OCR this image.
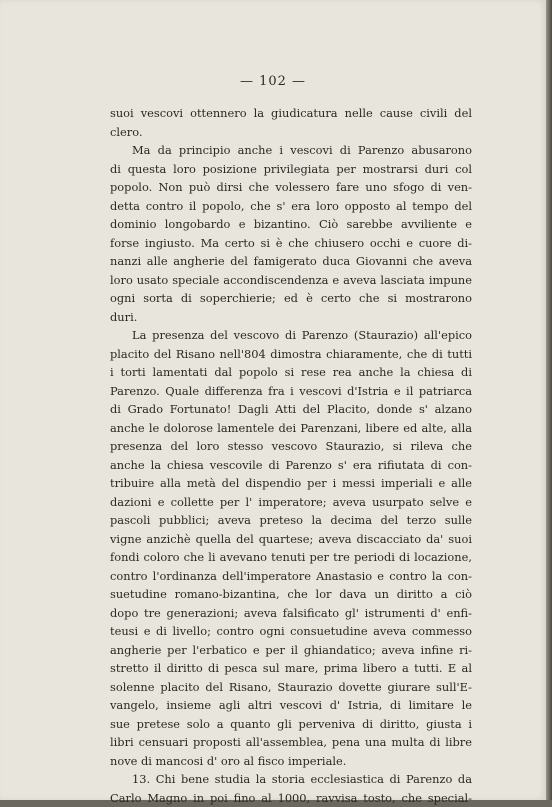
— 102 —
suoi vescovi ottennero la giudicatura nelle cause civili del
clero.
Ma da principio anche i vescovi di Parenzo abusarono
di questa loro posizione privilegiata per mostrarsi duri col
popolo. Non può dirsi che volessero fare uno sfogo di ven-
detta contro il popolo, che s' era loro opposto al tempo del
dominio longobardo e bizantino. Ciò sarebbe avviliente e
forse ingiusto. Ma certo si è che chiusero occhi e cuore di-
nanzi alle angherie del famigerato duca Giovanni che aveva
loro usato speciale accondiscendenza e aveva lasciata impune
ogni sorta di soperchierie; ed è certo che si mostrarono
duri.
La presenza del vescovo di Parenzo (Staurazio) all'epico
placito del Risano nell'804 dimostra chiaramente, che di tutti
i torti lamentati dal popolo si rese rea anche la chiesa di
Parenzo. Quale differenza fra i vescovi d'Istria e il patriarca
di Grado Fortunato! Dagli Atti del Placito, donde s' alzano
anche le dolorose lamentele dei Parenzani, libere ed alte, alla
presenza del loro stesso vescovo Staurazio, si rileva che
anche la chiesa vescovile di Parenzo s' era rifiutata di con-
tribuire alla metà del dispendio per i messi imperiali e alle
dazioni e collette per l' imperatore; aveva usurpato selve e
pascoli pubblici; aveva preteso la decima del terzo sulle
vigne anzichè quella del quartese; aveva discacciato da' suoi
fondi coloro che li avevano tenuti per tre periodi di locazione,
contro l'ordinanza dell'imperatore Anastasio e contro la con-
suetudine romano-bizantina, che lor dava un diritto a ciò
dopo tre generazioni; aveva falsificato gl' istrumenti d' enfi-
teusi e di livello; contro ogni consuetudine aveva commesso
angherie per l'erbatico e per il ghiandatico; aveva infine ri-
stretto il diritto di pesca sul mare, prima libero a tutti. E al
solenne placito del Risano, Staurazio dovette giurare sull'E-
vangelo, insieme agli altri vescovi d' Istria, di limitare le
sue pretese solo a quanto gli perveniva di diritto, giusta i
libri censuari proposti all'assemblea, pena una multa di libre
nove di mancosi d' oro al fisco imperiale.
13. Chi bene studia la storia ecclesiastica di Parenzo da
Carlo Magno in poi fino al 1000, ravvisa tosto, che special-
